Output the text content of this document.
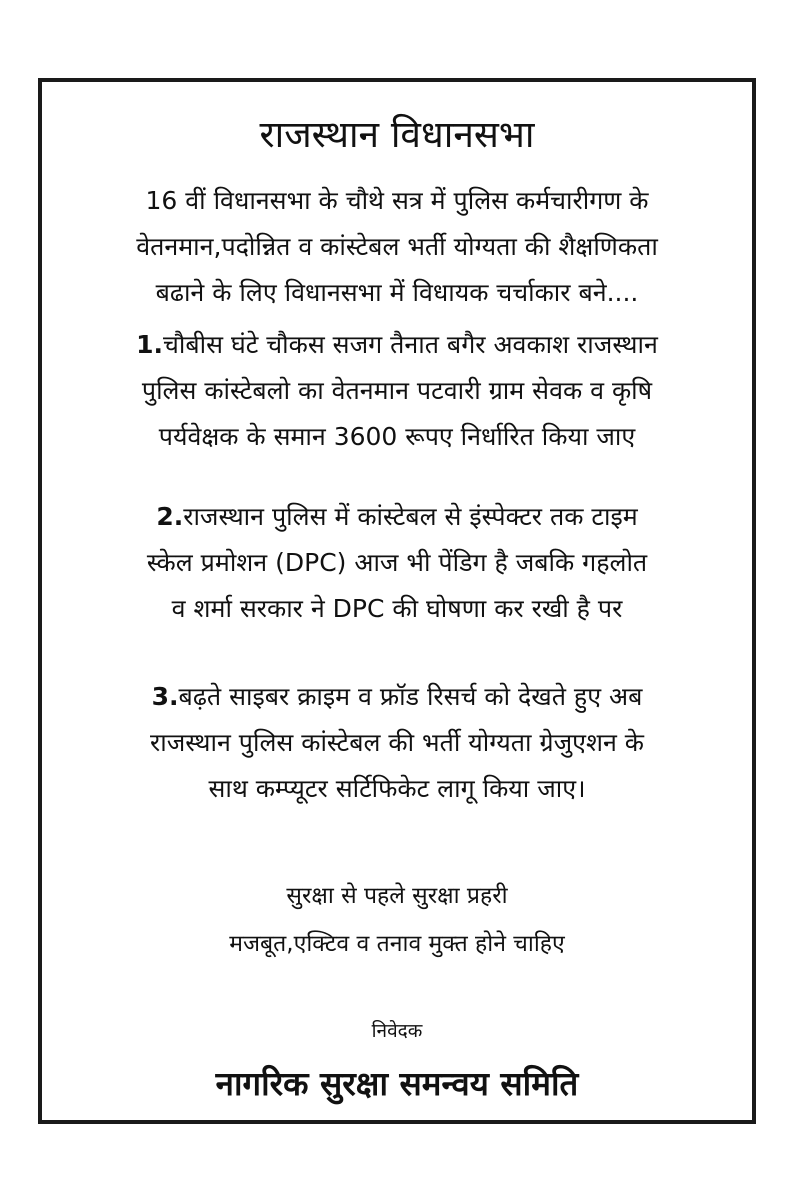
राजस्थान विधानसभा

16 वीं विधानसभा के चौथे सत्र में पुलिस कर्मचारीगण के
वेतनमान,पदोन्नित व कांस्टेबल भर्ती योग्यता की शैक्षणिकता
बढाने के लिए विधानसभा में विधायक चर्चाकार बने....

1.चौबीस घंटे चौकस सजग तैनात बगैर अवकाश राजस्थान
पुलिस कांस्टेबलो का वेतनमान पटवारी ग्राम सेवक व कृषि
पर्यवेक्षक के समान 3600 रूपए निर्धारित किया जाए

2.राजस्थान पुलिस में कांस्टेबल से इंस्पेक्टर तक टाइम
स्केल प्रमोशन (DPC) आज भी पेंडिग है जबकि गहलोत
व शर्मा सरकार ने DPC की घोषणा कर रखी है पर

3.बढ़ते साइबर क्राइम व फ्रॉड रिसर्च को देखते हुए अब
राजस्थान पुलिस कांस्टेबल की भर्ती योग्यता ग्रेजुएशन के
साथ कम्प्यूटर सर्टिफिकेट लागू किया जाए।

सुरक्षा से पहले सुरक्षा प्रहरी
मजबूत,एक्टिव व तनाव मुक्त होने चाहिए

निवेदक

नागरिक सुरक्षा समन्वय समिति
